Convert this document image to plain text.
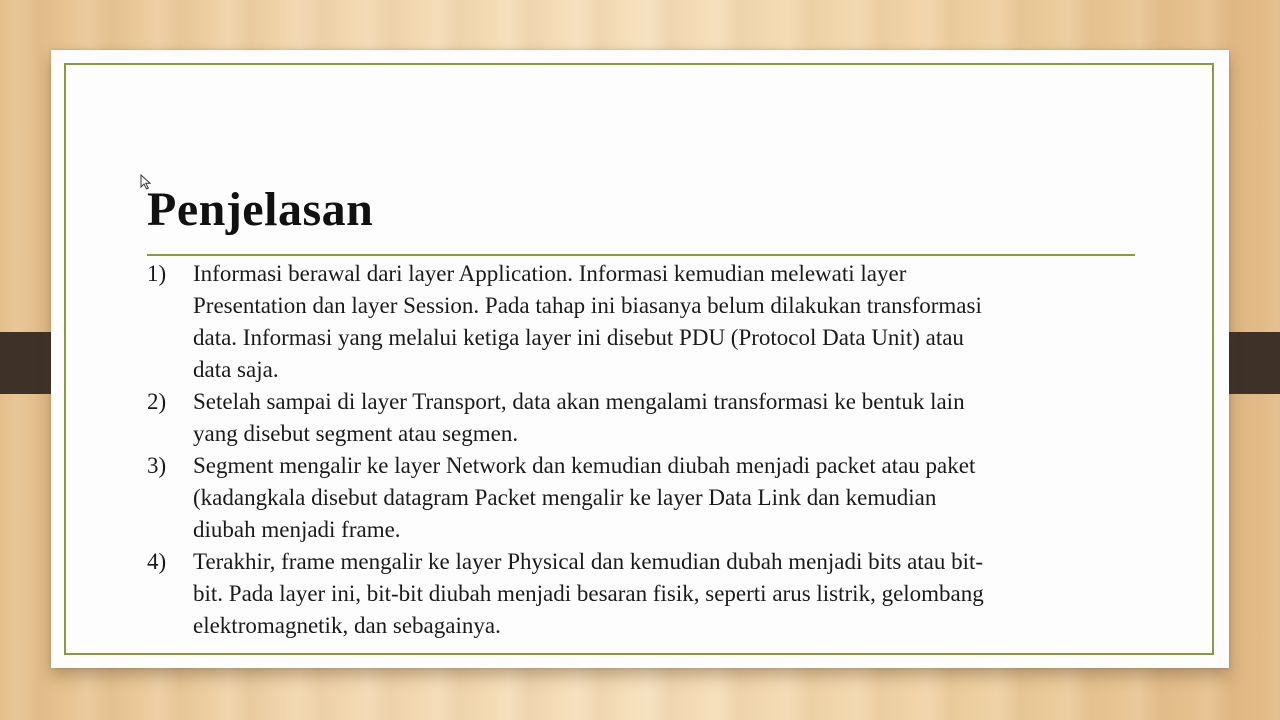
Penjelasan
1)	Informasi berawal dari layer Application. Informasi kemudian melewati layer
Presentation dan layer Session. Pada tahap ini biasanya belum dilakukan transformasi
data. Informasi yang melalui ketiga layer ini disebut PDU (Protocol Data Unit) atau
data saja.
2)	Setelah sampai di layer Transport, data akan mengalami transformasi ke bentuk lain
yang disebut segment atau segmen.
3)	Segment mengalir ke layer Network dan kemudian diubah menjadi packet atau paket
(kadangkala disebut datagram Packet mengalir ke layer Data Link dan kemudian
diubah menjadi frame.
4)	Terakhir, frame mengalir ke layer Physical dan kemudian dubah menjadi bits atau bit-
bit. Pada layer ini, bit-bit diubah menjadi besaran fisik, seperti arus listrik, gelombang
elektromagnetik, dan sebagainya.
